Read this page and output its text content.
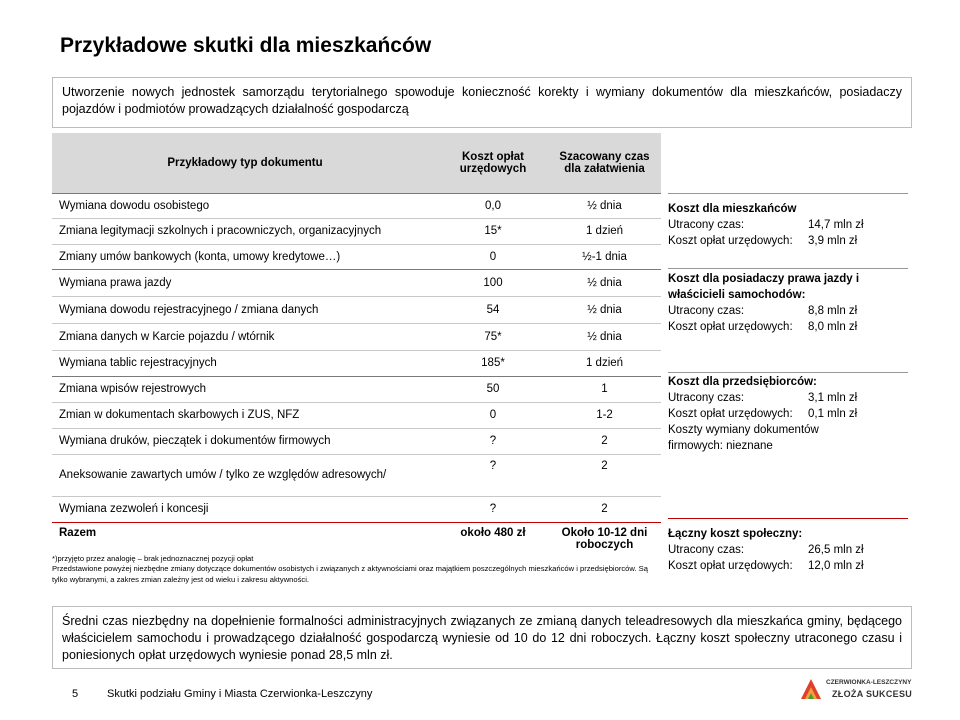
Przykładowe skutki dla mieszkańców
Utworzenie nowych jednostek samorządu terytorialnego spowoduje konieczność korekty i wymiany dokumentów dla mieszkańców, posiadaczy pojazdów i podmiotów prowadzących działalność gospodarczą
Przykładowy typ dokumentu	Koszt opłat urzędowych	Szacowany czas dla załatwienia
Wymiana dowodu osobistego	0,0	½ dnia
Zmiana legitymacji szkolnych i pracowniczych, organizacyjnych	15*	1 dzień
Zmiany umów bankowych (konta, umowy kredytowe…)	0	½-1 dnia
Wymiana prawa jazdy	100	½ dnia
Wymiana dowodu rejestracyjnego / zmiana danych	54	½ dnia
Zmiana danych w Karcie pojazdu / wtórnik	75*	½ dnia
Wymiana tablic rejestracyjnych	185*	1 dzień
Zmiana wpisów rejestrowych	50	1
Zmian w dokumentach skarbowych i ZUS, NFZ	0	1-2
Wymiana druków, pieczątek i dokumentów firmowych	?	2
Aneksowanie zawartych umów / tylko ze względów adresowych/	?	2
Wymiana zezwoleń i koncesji	?	2
Razem	około 480 zł	Około 10-12 dni roboczych
*)przyjęto przez analogię – brak jednoznacznej pozycji opłat
Przedstawione powyżej niezbędne zmiany dotyczące dokumentów osobistych i związanych z aktywnościami oraz majątkiem poszczególnych mieszkańców i przedsiębiorców. Są tylko wybranymi, a zakres zmian zależny jest od wieku i zakresu aktywności.
Koszt dla mieszkańców
Utracony czas:	14,7 mln zł
Koszt opłat urzędowych:	3,9 mln zł
Koszt dla posiadaczy prawa jazdy i właścicieli samochodów:
Utracony czas:	8,8 mln zł
Koszt opłat urzędowych:	8,0 mln zł
Koszt dla przedsiębiorców:
Utracony czas:	3,1 mln zł
Koszt opłat urzędowych:	0,1 mln zł
Koszty wymiany dokumentów firmowych: nieznane
Łączny koszt społeczny:
Utracony czas:	26,5 mln zł
Koszt opłat urzędowych:	12,0 mln zł
Średni czas niezbędny na dopełnienie formalności administracyjnych związanych ze zmianą danych teleadresowych dla mieszkańca gminy, będącego właścicielem samochodu i prowadzącego działalność gospodarczą wyniesie od 10 do 12 dni roboczych. Łączny koszt społeczny utraconego czasu i poniesionych opłat urzędowych wyniesie ponad 28,5 mln zł.
5	Skutki podziału Gminy i Miasta Czerwionka-Leszczyny
CZERWIONKA-LESZCZYNY
ZŁOŻA SUKCESU
